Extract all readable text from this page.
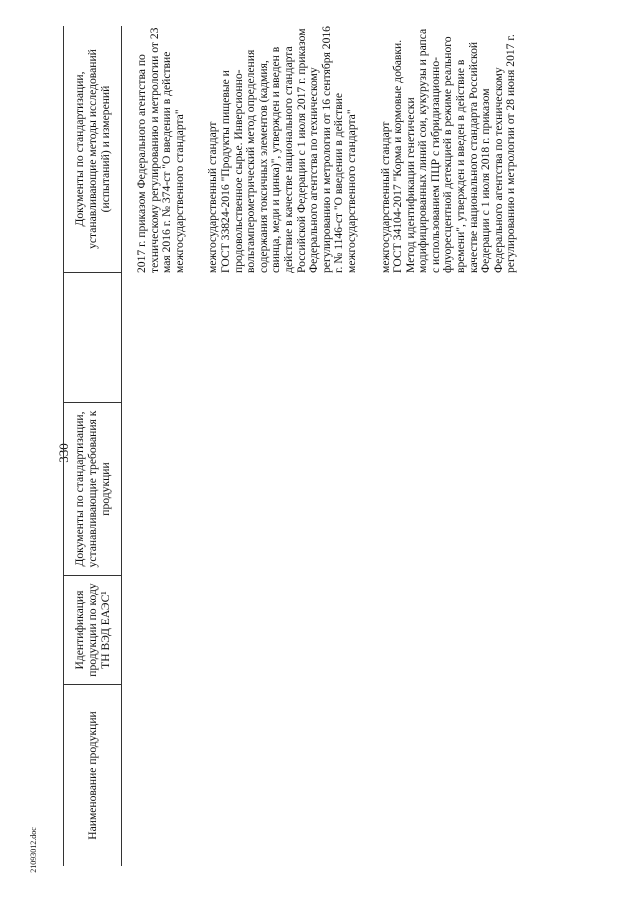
330
21093012.doc
Наименование продукции
Идентификация продукции по коду ТН ВЭД ЕАЭС¹
Документы по стандартизации, устанавливающие требования к продукции
Документы по стандартизации, устанавливающие методы исследований (испытаний) и измерений	2017 г. приказом Федерального агентства по техническому регулированию и метрологии от 23 мая 2016 г. № 374-ст "О введении в действие межгосударственного стандарта" межгосударственный стандарт
ГОСТ 33824-2016 "Продукты пищевые и продовольственное сырье. Инверсионно-вольтамперометрический метод определения содержания токсичных элементов (кадмия, свинца, меди и цинка)", утвержден и введен в действие в качестве национального стандарта Российской Федерации с 1 июля 2017 г. приказом Федерального агентства по техническому регулированию и метрологии от 16 сентября 2016 г. № 1146-ст "О введении в действие межгосударственного стандарта"

межгосударственный стандарт
ГОСТ 34104-2017 "Корма и кормовые добавки. Метод идентификации генетически модифицированных линий сои, кукурузы и рапса с использованием ПЦР с гибридизационно-флуоресцентной детекцией в режиме реального времени", утвержден и введен в действие в качестве национального стандарта Российской Федерации с 1 июля 2018 г. приказом Федерального агентства по техническому регулированию и метрологии от 28 июня 2017 г.
